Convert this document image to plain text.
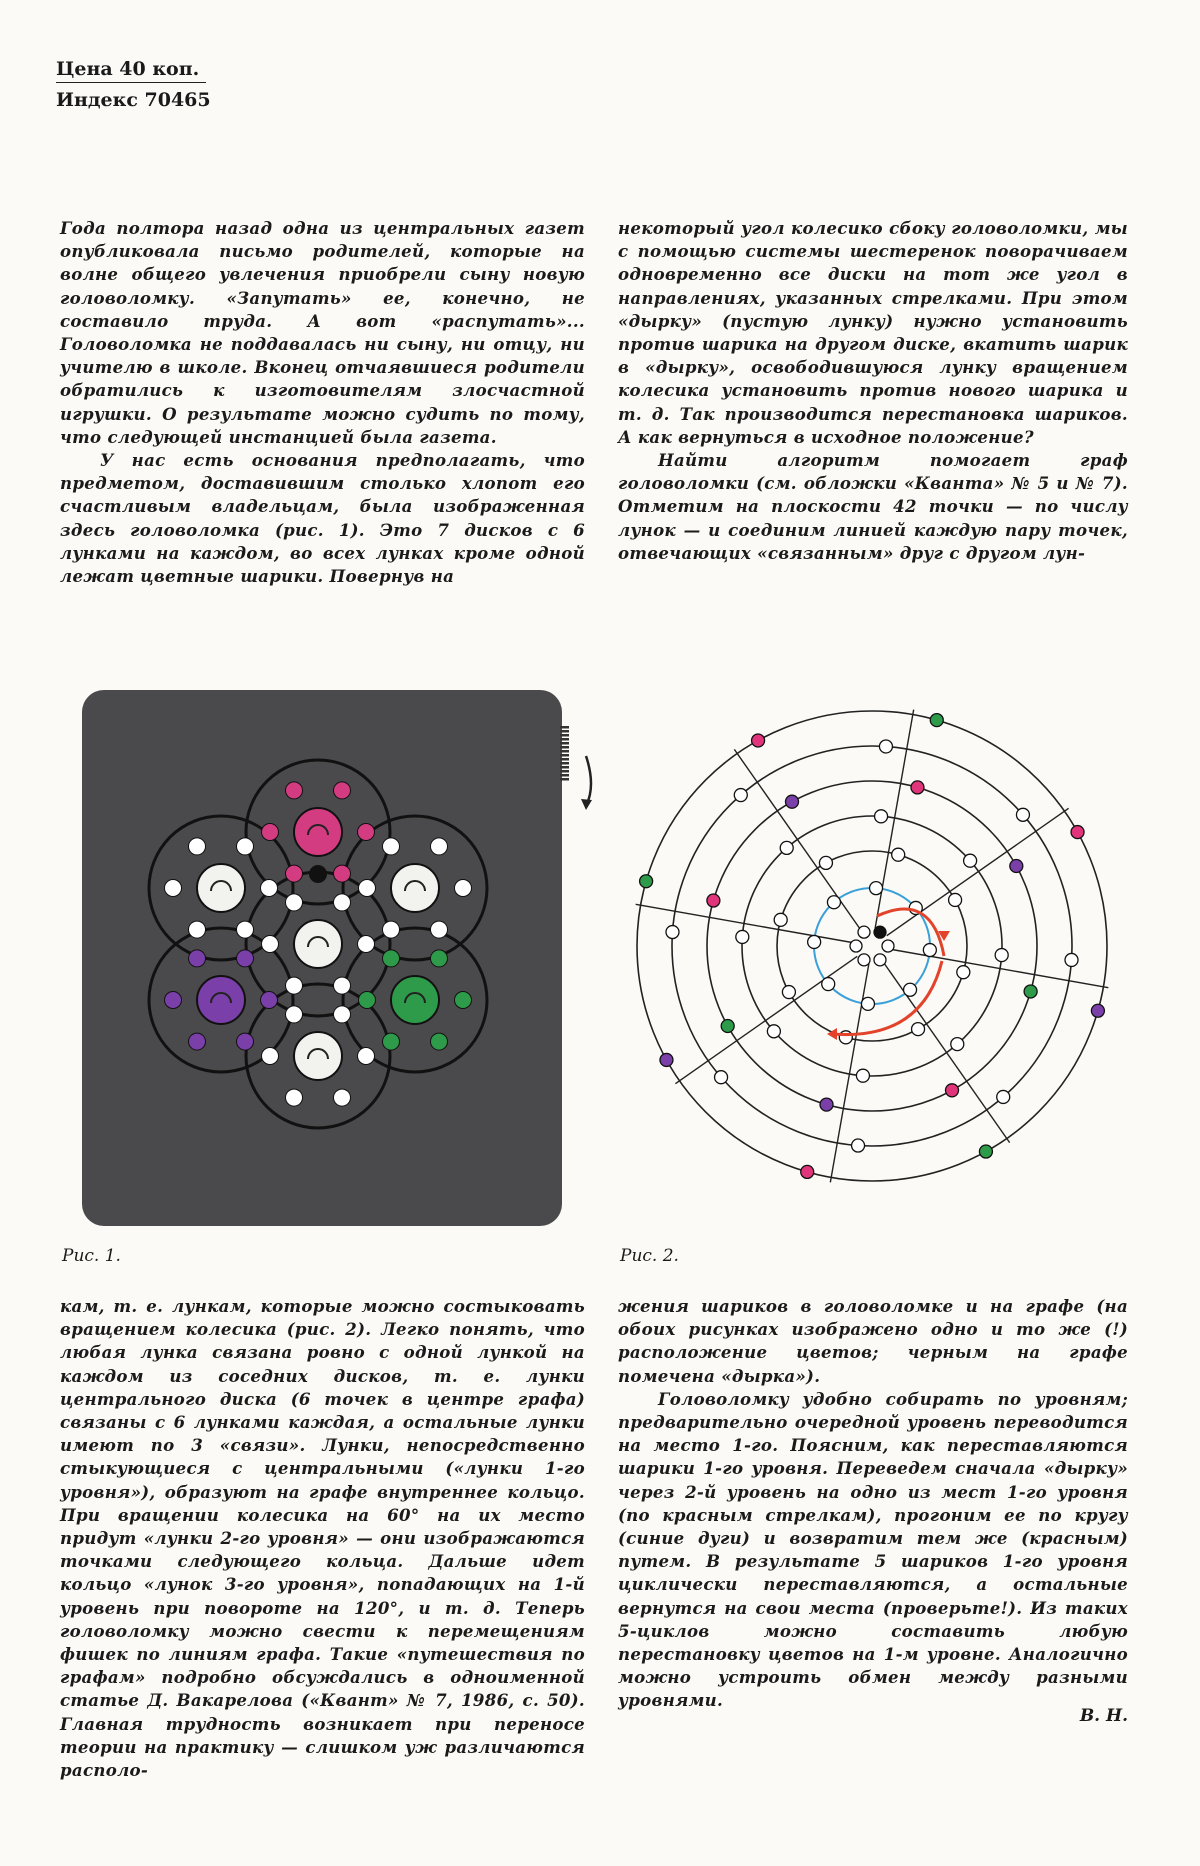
Цена 40 коп.
Индекс 70465

Года полтора назад одна из центральных газет опубликовала письмо родителей, которые на волне общего увлечения приобрели сыну новую головоломку. «Запутать» ее, конечно, не составило труда. А вот «распутать»... Головоломка не поддавалась ни сыну, ни отцу, ни учителю в школе. Вконец отчаявшиеся родители обратились к изготовителям злосчастной игрушки. О результате можно судить по тому, что следующей инстанцией была газета.

У нас есть основания предполагать, что предметом, доставившим столько хлопот его счастливым владельцам, была изображенная здесь головоломка (рис. 1). Это 7 дисков с 6 лунками на каждом, во всех лунках кроме одной лежат цветные шарики. Повернув на

некоторый угол колесико сбоку головоломки, мы с помощью системы шестеренок поворачиваем одновременно все диски на тот же угол в направлениях, указанных стрелками. При этом «дырку» (пустую лунку) нужно установить против шарика на другом диске, вкатить шарик в «дырку», освободившуюся лунку вращением колесика установить против нового шарика и т. д. Так производится перестановка шариков. А как вернуться в исходное положение?

Найти алгоритм помогает граф головоломки (см. обложки «Кванта» № 5 и № 7). Отметим на плоскости 42 точки — по числу лунок — и соединим линией каждую пару точек, отвечающих «связанным» друг с другом лун-

Рис. 1.	Рис. 2.

кам, т. е. лункам, которые можно состыковать вращением колесика (рис. 2). Легко понять, что любая лунка связана ровно с одной лункой на каждом из соседних дисков, т. е. лунки центрального диска (6 точек в центре графа) связаны с 6 лунками каждая, а остальные лунки имеют по 3 «связи». Лунки, непосредственно стыкующиеся с центральными («лунки 1-го уровня»), образуют на графе внутреннее кольцо. При вращении колесика на 60° на их место придут «лунки 2-го уровня» — они изображаются точками следующего кольца. Дальше идет кольцо «лунок 3-го уровня», попадающих на 1-й уровень при повороте на 120°, и т. д. Теперь головоломку можно свести к перемещениям фишек по линиям графа. Такие «путешествия по графам» подробно обсуждались в одноименной статье Д. Вакарелова («Квант» № 7, 1986, с. 50). Главная трудность возникает при переносе теории на практику — слишком уж различаются располо-

жения шариков в головоломке и на графе (на обоих рисунках изображено одно и то же (!) расположение цветов; черным на графе помечена «дырка»).

Головоломку удобно собирать по уровням; предварительно очередной уровень переводится на место 1-го. Поясним, как переставляются шарики 1-го уровня. Переведем сначала «дырку» через 2-й уровень на одно из мест 1-го уровня (по красным стрелкам), прогоним ее по кругу (синие дуги) и возвратим тем же (красным) путем. В результате 5 шариков 1-го уровня циклически переставляются, а остальные вернутся на свои места (проверьте!). Из таких 5-циклов можно составить любую перестановку цветов на 1-м уровне. Аналогично можно устроить обмен между разными уровнями.

В. Н.
